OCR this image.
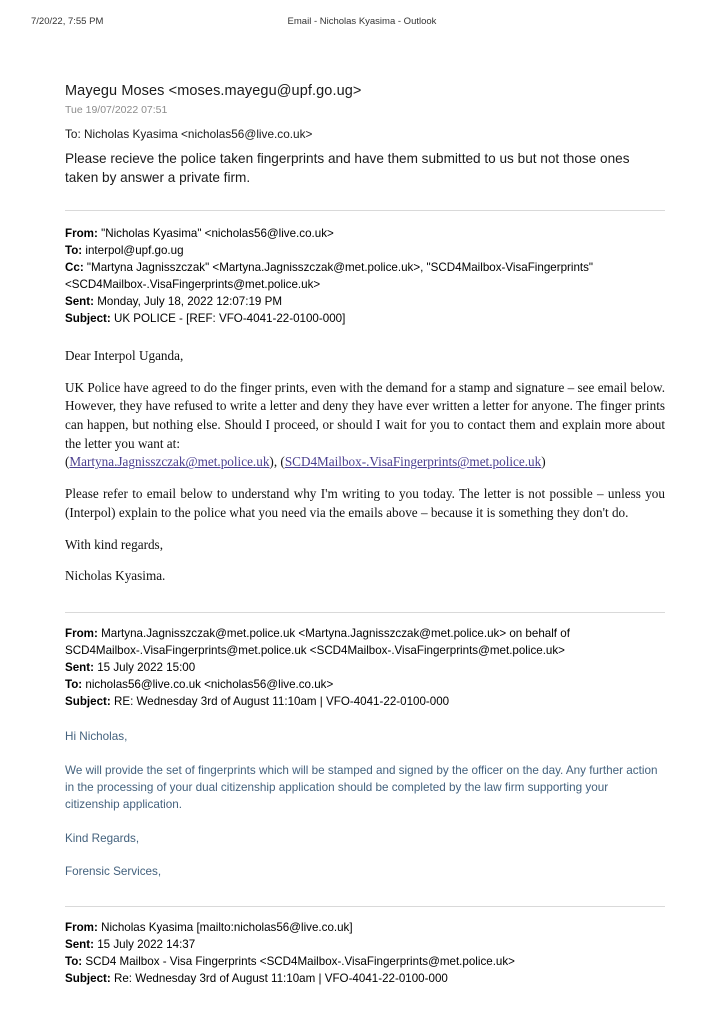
7/20/22, 7:55 PM	Email - Nicholas Kyasima - Outlook
Mayegu Moses <moses.mayegu@upf.go.ug>
Tue 19/07/2022 07:51
To: Nicholas Kyasima <nicholas56@live.co.uk>
Please recieve the police taken fingerprints and have them submitted to us but not those ones taken by answer a private firm.
From: "Nicholas Kyasima" <nicholas56@live.co.uk>
To: interpol@upf.go.ug
Cc: "Martyna Jagnisszczak" <Martyna.Jagnisszczak@met.police.uk>, "SCD4Mailbox-VisaFingerprints" <SCD4Mailbox-.VisaFingerprints@met.police.uk>
Sent: Monday, July 18, 2022 12:07:19 PM
Subject: UK POLICE - [REF: VFO-4041-22-0100-000]

Dear Interpol Uganda,

UK Police have agreed to do the finger prints, even with the demand for a stamp and signature – see email below. However, they have refused to write a letter and deny they have ever written a letter for anyone. The finger prints can happen, but nothing else. Should I proceed, or should I wait for you to contact them and explain more about the letter you want at:

(Martyna.Jagnisszczak@met.police.uk), (SCD4Mailbox-.VisaFingerprints@met.police.uk)

Please refer to email below to understand why I'm writing to you today. The letter is not possible – unless you (Interpol) explain to the police what you need via the emails above – because it is something they don't do.

With kind regards,

Nicholas Kyasima.

From: Martyna.Jagnisszczak@met.police.uk <Martyna.Jagnisszczak@met.police.uk> on behalf of SCD4Mailbox-.VisaFingerprints@met.police.uk <SCD4Mailbox-.VisaFingerprints@met.police.uk>
Sent: 15 July 2022 15:00
To: nicholas56@live.co.uk <nicholas56@live.co.uk>
Subject: RE: Wednesday 3rd of August 11:10am | VFO-4041-22-0100-000

Hi Nicholas,

We will provide the set of fingerprints which will be stamped and signed by the officer on the day. Any further action in the processing of your dual citizenship application should be completed by the law firm supporting your citizenship application.

Kind Regards,

Forensic Services,

From: Nicholas Kyasima [mailto:nicholas56@live.co.uk]
Sent: 15 July 2022 14:37
To: SCD4 Mailbox - Visa Fingerprints <SCD4Mailbox-.VisaFingerprints@met.police.uk>
Subject: Re: Wednesday 3rd of August 11:10am | VFO-4041-22-0100-000
